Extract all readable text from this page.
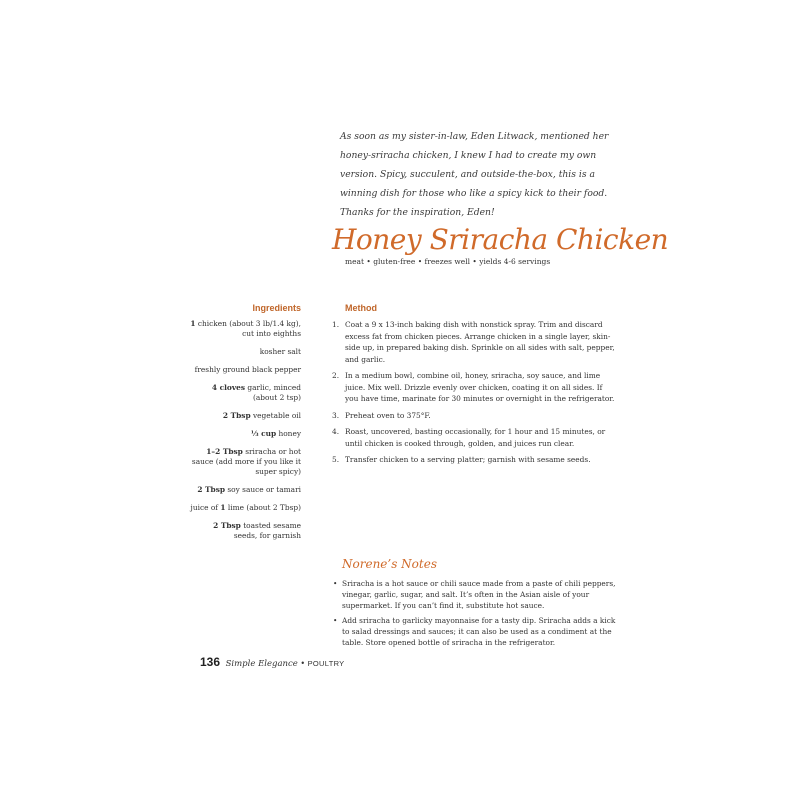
As soon as my sister-in-law, Eden Litwack, mentioned her honey-sriracha chicken, I knew I had to create my own version. Spicy, succulent, and outside-the-box, this is a winning dish for those who like a spicy kick to their food. Thanks for the inspiration, Eden!

Honey Sriracha Chicken
meat • gluten-free • freezes well • yields 4-6 servings
Ingredients
1 chicken (about 3 lb/1.4 kg), cut into eighths
kosher salt
freshly ground black pepper
4 cloves garlic, minced (about 2 tsp)
2 Tbsp vegetable oil
⅓ cup honey
1–2 Tbsp sriracha or hot sauce (add more if you like it super spicy)
2 Tbsp soy sauce or tamari
juice of 1 lime (about 2 Tbsp)
2 Tbsp toasted sesame seeds, for garnish
Method
1. Coat a 9 x 13-inch baking dish with nonstick spray. Trim and discard excess fat from chicken pieces. Arrange chicken in a single layer, skin-side up, in prepared baking dish. Sprinkle on all sides with salt, pepper, and garlic.
2. In a medium bowl, combine oil, honey, sriracha, soy sauce, and lime juice. Mix well. Drizzle evenly over chicken, coating it on all sides. If you have time, marinate for 30 minutes or overnight in the refrigerator.
3. Preheat oven to 375°F.
4. Roast, uncovered, basting occasionally, for 1 hour and 15 minutes, or until chicken is cooked through, golden, and juices run clear.
5. Transfer chicken to a serving platter; garnish with sesame seeds.
Norene’s Notes
• Sriracha is a hot sauce or chili sauce made from a paste of chili peppers, vinegar, garlic, sugar, and salt. It’s often in the Asian aisle of your supermarket. If you can’t find it, substitute hot sauce.
• Add sriracha to garlicky mayonnaise for a tasty dip. Sriracha adds a kick to salad dressings and sauces; it can also be used as a condiment at the table. Store opened bottle of sriracha in the refrigerator.
136 Simple Elegance • POULTRY
